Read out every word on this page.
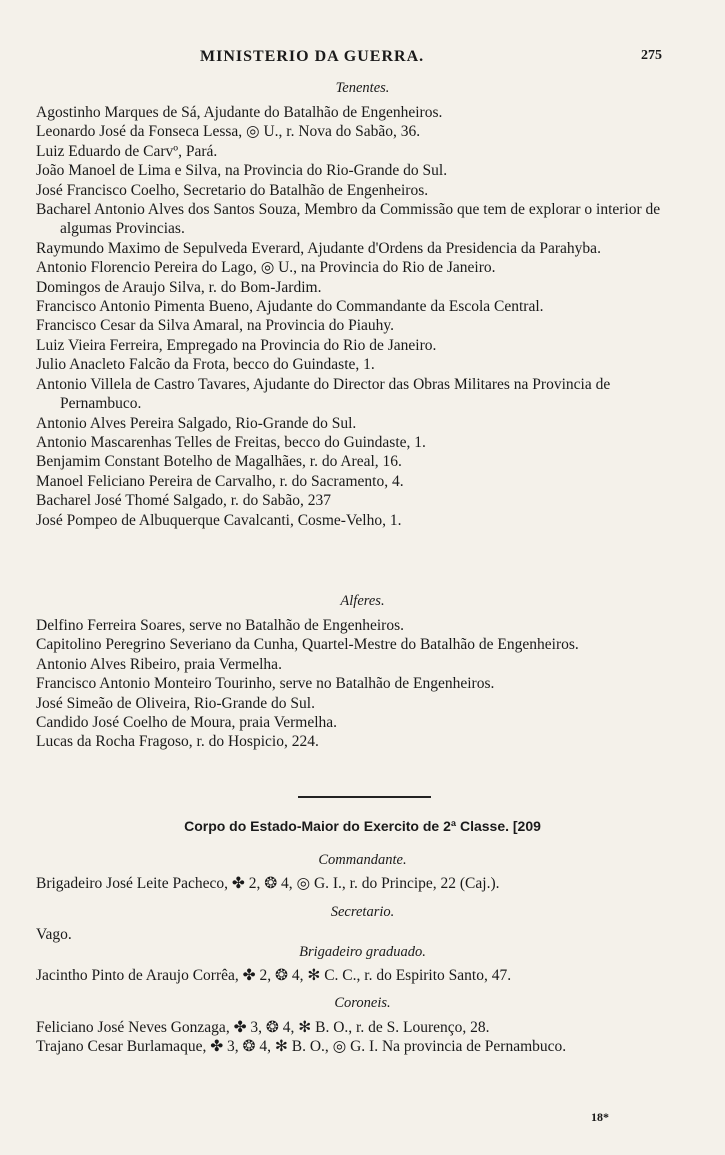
MINISTERIO DA GUERRA.	275
Tenentes.
Agostinho Marques de Sá, Ajudante do Batalhão de Engenheiros.
Leonardo José da Fonseca Lessa, ◎ U., r. Nova do Sabão, 36.
Luiz Eduardo de Carvº, Pará.
João Manoel de Lima e Silva, na Provincia do Rio-Grande do Sul.
José Francisco Coelho, Secretario do Batalhão de Engenheiros.
Bacharel Antonio Alves dos Santos Souza, Membro da Commissão que tem de explorar o interior de algumas Provincias.
Raymundo Maximo de Sepulveda Everard, Ajudante d'Ordens da Presidencia da Parahyba.
Antonio Florencio Pereira do Lago, ◎ U., na Provincia do Rio de Janeiro.
Domingos de Araujo Silva, r. do Bom-Jardim.
Francisco Antonio Pimenta Bueno, Ajudante do Commandante da Escola Central.
Francisco Cesar da Silva Amaral, na Provincia do Piauhy.
Luiz Vieira Ferreira, Empregado na Provincia do Rio de Janeiro.
Julio Anacleto Falcão da Frota, becco do Guindaste, 1.
Antonio Villela de Castro Tavares, Ajudante do Director das Obras Militares na Provincia de Pernambuco.
Antonio Alves Pereira Salgado, Rio-Grande do Sul.
Antonio Mascarenhas Telles de Freitas, becco do Guindaste, 1.
Benjamim Constant Botelho de Magalhães, r. do Areal, 16.
Manoel Feliciano Pereira de Carvalho, r. do Sacramento, 4.
Bacharel José Thomé Salgado, r. do Sabão, 237
José Pompeo de Albuquerque Cavalcanti, Cosme-Velho, 1.
Alferes.
Delfino Ferreira Soares, serve no Batalhão de Engenheiros.
Capitolino Peregrino Severiano da Cunha, Quartel-Mestre do Batalhão de Engenheiros.
Antonio Alves Ribeiro, praia Vermelha.
Francisco Antonio Monteiro Tourinho, serve no Batalhão de Engenheiros.
José Simeão de Oliveira, Rio-Grande do Sul.
Candido José Coelho de Moura, praia Vermelha.
Lucas da Rocha Fragoso, r. do Hospicio, 224.
Corpo do Estado-Maior do Exercito de 2ª Classe. [209
Commandante.
Brigadeiro José Leite Pacheco, ✤ 2, ❂ 4, ◎ G. I., r. do Principe, 22 (Caj.).
Secretario.
Vago.
Brigadeiro graduado.
Jacintho Pinto de Araujo Corrêa, ✤ 2, ❂ 4, ✻ C. C., r. do Espirito Santo, 47.
Coroneis.
Feliciano José Neves Gonzaga, ✤ 3, ❂ 4, ✻ B. O., r. de S. Lourenço, 28.
Trajano Cesar Burlamaque, ✤ 3, ❂ 4, ✻ B. O., ◎ G. I. Na provincia de Pernambuco.
18*
